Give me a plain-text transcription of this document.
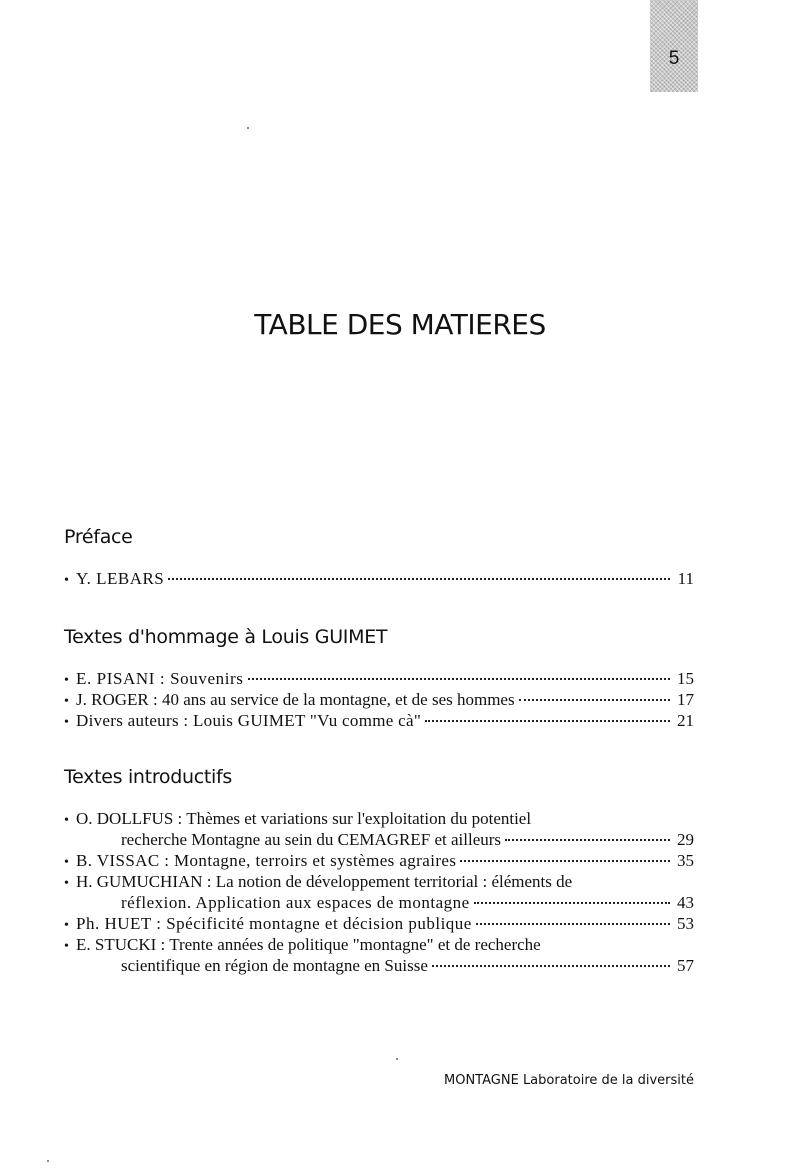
5
TABLE DES MATIERES
Préface
• Y. LEBARS	11
Textes d'hommage à Louis GUIMET
• E. PISANI : Souvenirs	15
• J. ROGER : 40 ans au service de la montagne, et de ses hommes	17
• Divers auteurs : Louis GUIMET "Vu comme cà"	21
Textes introductifs
• O. DOLLFUS : Thèmes et variations sur l'exploitation du potentiel
recherche Montagne au sein du CEMAGREF et ailleurs	29
• B. VISSAC : Montagne, terroirs et systèmes agraires	35
• H. GUMUCHIAN : La notion de développement territorial : éléments de
réflexion. Application aux espaces de montagne	43
• Ph. HUET : Spécificité montagne et décision publique	53
• E. STUCKI : Trente années de politique "montagne" et de recherche
scientifique en région de montagne en Suisse	57
MONTAGNE Laboratoire de la diversité
